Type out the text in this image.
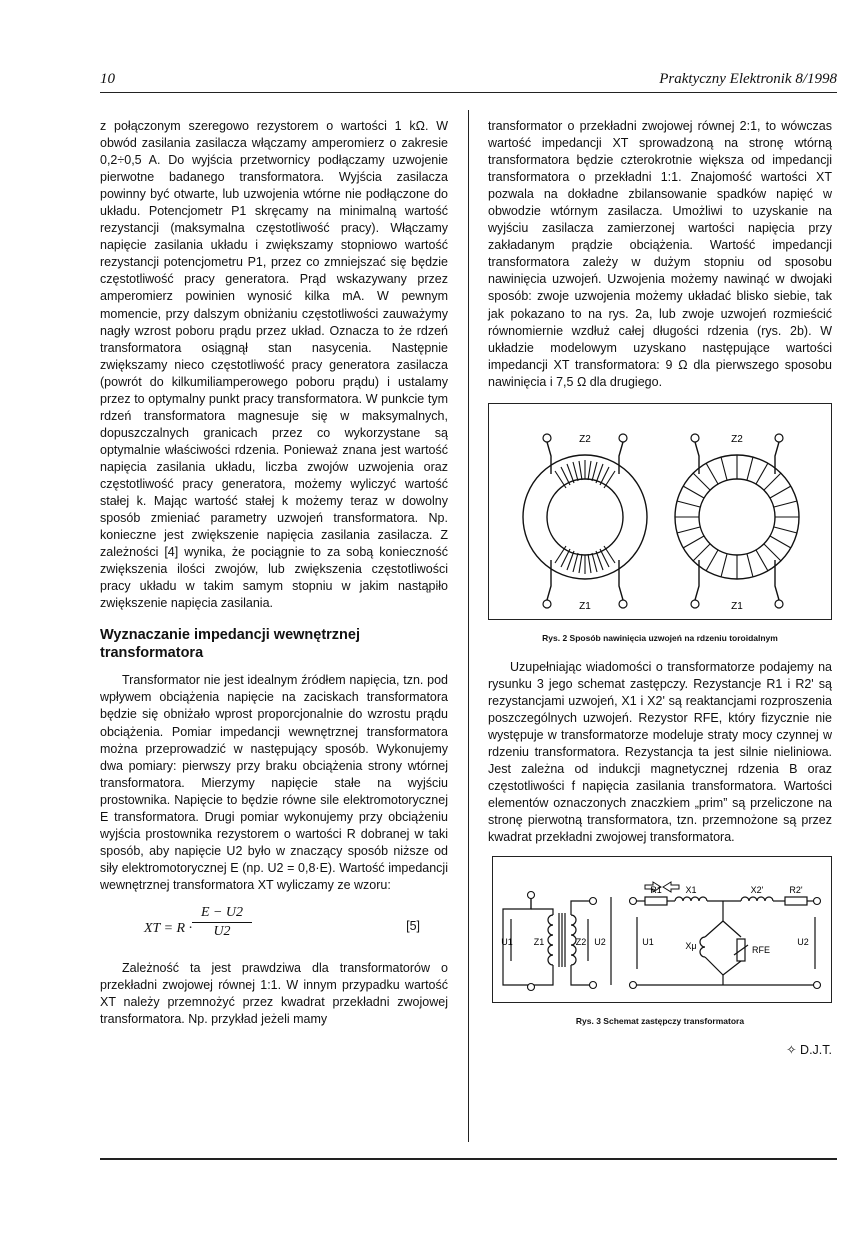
10	Praktyczny Elektronik 8/1998

z połączonym szeregowo rezystorem o wartości 1 kΩ. W obwód zasilania zasilacza włączamy amperomierz o zakresie 0,2÷0,5 A. Do wyjścia przetwornicy podłączamy uzwojenie pierwotne badanego transformatora. Wyjścia zasilacza powinny być otwarte, lub uzwojenia wtórne nie podłączone do układu. Potencjometr P1 skręcamy na minimalną wartość rezystancji (maksymalna częstotliwość pracy). Włączamy napięcie zasilania układu i zwiększamy stopniowo wartość rezystancji potencjometru P1, przez co zmniejszać się będzie częstotliwość pracy generatora. Prąd wskazywany przez amperomierz powinien wynosić kilka mA. W pewnym momencie, przy dalszym obniżaniu częstotliwości zauważymy nagły wzrost poboru prądu przez układ. Oznacza to że rdzeń transformatora osiągnął stan nasycenia. Następnie zwiększamy nieco częstotliwość pracy generatora zasilacza (powrót do kilkumiliamperowego poboru prądu) i ustalamy przez to optymalny punkt pracy transformatora. W punkcie tym rdzeń transformatora magnesuje się w maksymalnych, dopuszczalnych granicach przez co wykorzystane są optymalnie właściwości rdzenia. Ponieważ znana jest wartość napięcia zasilania układu, liczba zwojów uzwojenia oraz częstotliwość pracy generatora, możemy wyliczyć wartość stałej k. Mając wartość stałej k możemy teraz w dowolny sposób zmieniać parametry uzwojeń transformatora. Np. konieczne jest zwiększenie napięcia zasilania zasilacza. Z zależności [4] wynika, że pociągnie to za sobą konieczność zwiększenia ilości zwojów, lub zwiększenia częstotliwości pracy układu w takim samym stopniu w jakim nastąpiło zwiększenie napięcia zasilania.

Wyznaczanie impedancji wewnętrznej transformatora

Transformator nie jest idealnym źródłem napięcia, tzn. pod wpływem obciążenia napięcie na zaciskach transformatora będzie się obniżało wprost proporcjonalnie do wzrostu prądu obciążenia. Pomiar impedancji wewnętrznej transformatora można przeprowadzić w następujący sposób. Wykonujemy dwa pomiary: pierwszy przy braku obciążenia strony wtórnej transformatora. Mierzymy napięcie stałe na wyjściu prostownika. Napięcie to będzie równe sile elektromotorycznej E transformatora. Drugi pomiar wykonujemy przy obciążeniu wyjścia prostownika rezystorem o wartości R dobranej w taki sposób, aby napięcie U2 było w znaczący sposób niższe od siły elektromotorycznej E (np. U2 = 0,8·E). Wartość impedancji wewnętrznej transformatora XT wyliczamy ze wzoru:

XT = $R \cdot \frac{E - U2}{U2}$	[5]

Zależność ta jest prawdziwa dla transformatorów o przekładni zwojowej równej 1:1. W innym przypadku wartość XT należy przemnożyć przez kwadrat przekładni zwojowej transformatora. Np. przykład jeżeli mamy

transformator o przekładni zwojowej równej 2:1, to wówczas wartość impedancji XT sprowadzoną na stronę wtórną transformatora będzie czterokrotnie większa od impedancji transformatora o przekładni 1:1. Znajomość wartości XT pozwala na dokładne zbilansowanie spadków napięć w obwodzie wtórnym zasilacza. Umożliwi to uzyskanie na wyjściu zasilacza zamierzonej wartości napięcia przy zakładanym prądzie obciążenia. Wartość impedancji transformatora zależy w dużym stopniu od sposobu nawinięcia uzwojeń. Uzwojenia możemy nawinąć w dwojaki sposób: zwoje uzwojenia możemy układać blisko siebie, tak jak pokazano to na rys. 2a, lub zwoje uzwojeń rozmieścić równomiernie wzdłuż całej długości rdzenia (rys. 2b). W układzie modelowym uzyskano następujące wartości impedancji XT transformatora: 9 Ω dla pierwszego sposobu nawinięcia i 7,5 Ω dla drugiego.

Z2
Z1
Z2
Z1
Rys. 2 Sposób nawinięcia uzwojeń na rdzeniu toroidalnym

Uzupełniając wiadomości o transformatorze podajemy na rysunku 3 jego schemat zastępczy. Rezystancje R1 i R2' są rezystancjami uzwojeń, X1 i X2' są reaktancjami rozproszenia poszczególnych uzwojeń. Rezystor RFE, który fizycznie nie występuje w transformatorze modeluje straty mocy czynnej w rdzeniu transformatora. Rezystancja ta jest silnie nieliniowa. Jest zależna od indukcji magnetycznej rdzenia B oraz częstotliwości f napięcia zasilania transformatora. Wartości elementów oznaczonych znaczkiem „prim” są przeliczone na stronę pierwotną transformatora, tzn. przemnożone są przez kwadrat przekładni zwojowej transformatora.

U1 Z1	Z2 U2
R1	X1	X2'	R2'
U1	Xμ	RFE
U2
Rys. 3 Schemat zastępczy transformatora
✧ D.J.T.
